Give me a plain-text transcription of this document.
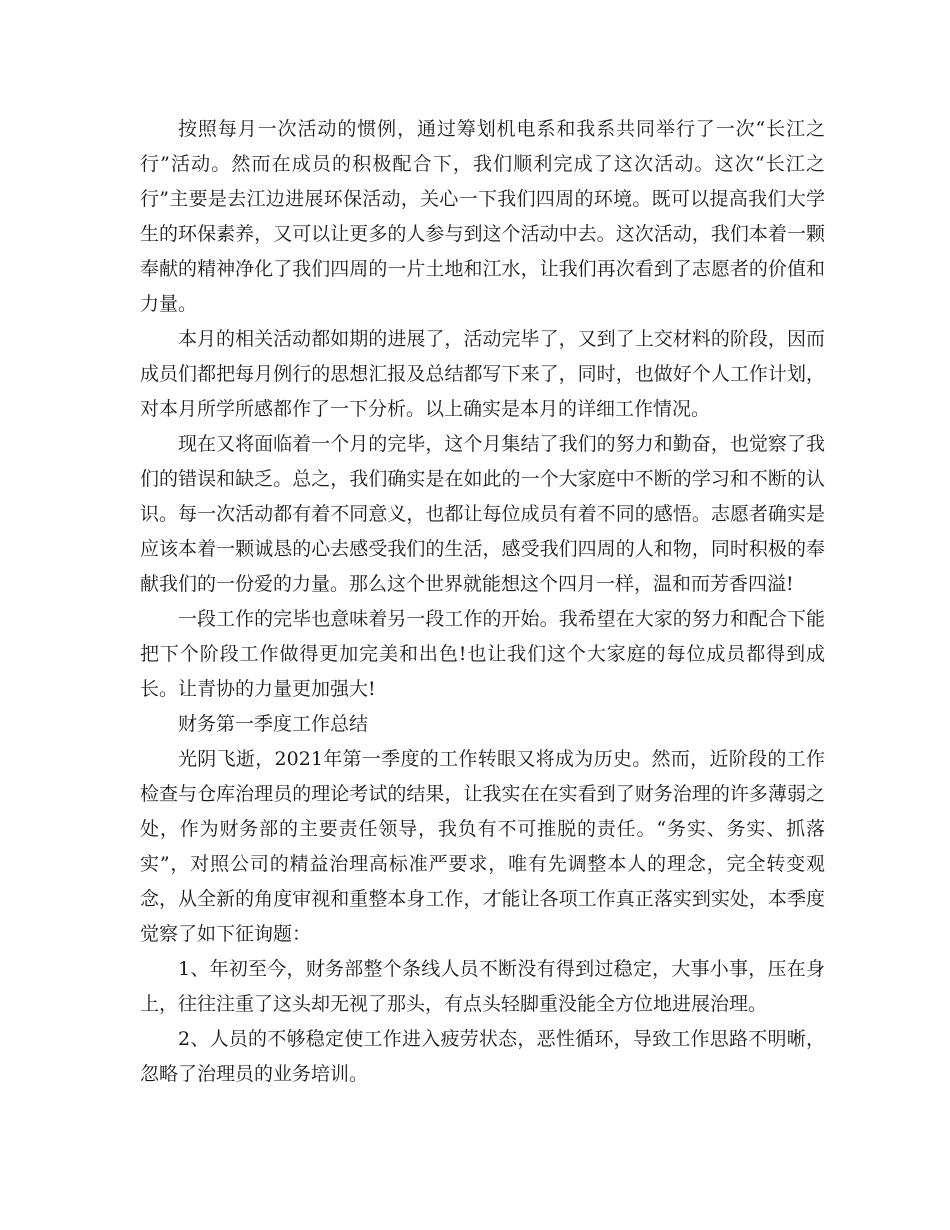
按照每月一次活动的惯例，通过筹划机电系和我系共同举行了一次“长江之行”活动。然而在成员的积极配合下，我们顺利完成了这次活动。这次“长江之行”主要是去江边进展环保活动，关心一下我们四周的环境。既可以提高我们大学生的环保素养，又可以让更多的人参与到这个活动中去。这次活动，我们本着一颗奉献的精神净化了我们四周的一片土地和江水，让我们再次看到了志愿者的价值和力量。

本月的相关活动都如期的进展了，活动完毕了，又到了上交材料的阶段，因而成员们都把每月例行的思想汇报及总结都写下来了，同时，也做好个人工作计划，对本月所学所感都作了一下分析。以上确实是本月的详细工作情况。

现在又将面临着一个月的完毕，这个月集结了我们的努力和勤奋，也觉察了我们的错误和缺乏。总之，我们确实是在如此的一个大家庭中不断的学习和不断的认识。每一次活动都有着不同意义，也都让每位成员有着不同的感悟。志愿者确实是应该本着一颗诚恳的心去感受我们的生活，感受我们四周的人和物，同时积极的奉献我们的一份爱的力量。那么这个世界就能想这个四月一样，温和而芳香四溢!

一段工作的完毕也意味着另一段工作的开始。我希望在大家的努力和配合下能把下个阶段工作做得更加完美和出色!也让我们这个大家庭的每位成员都得到成长。让青协的力量更加强大!

财务第一季度工作总结

光阴飞逝，2021年第一季度的工作转眼又将成为历史。然而，近阶段的工作检查与仓库治理员的理论考试的结果，让我实在在实看到了财务治理的许多薄弱之处，作为财务部的主要责任领导，我负有不可推脱的责任。“务实、务实、抓落实”，对照公司的精益治理高标准严要求，唯有先调整本人的理念，完全转变观念，从全新的角度审视和重整本身工作，才能让各项工作真正落实到实处，本季度觉察了如下征询题：

1、年初至今，财务部整个条线人员不断没有得到过稳定，大事小事，压在身上，往往注重了这头却无视了那头，有点头轻脚重没能全方位地进展治理。

2、人员的不够稳定使工作进入疲劳状态，恶性循环，导致工作思路不明晰，忽略了治理员的业务培训。
